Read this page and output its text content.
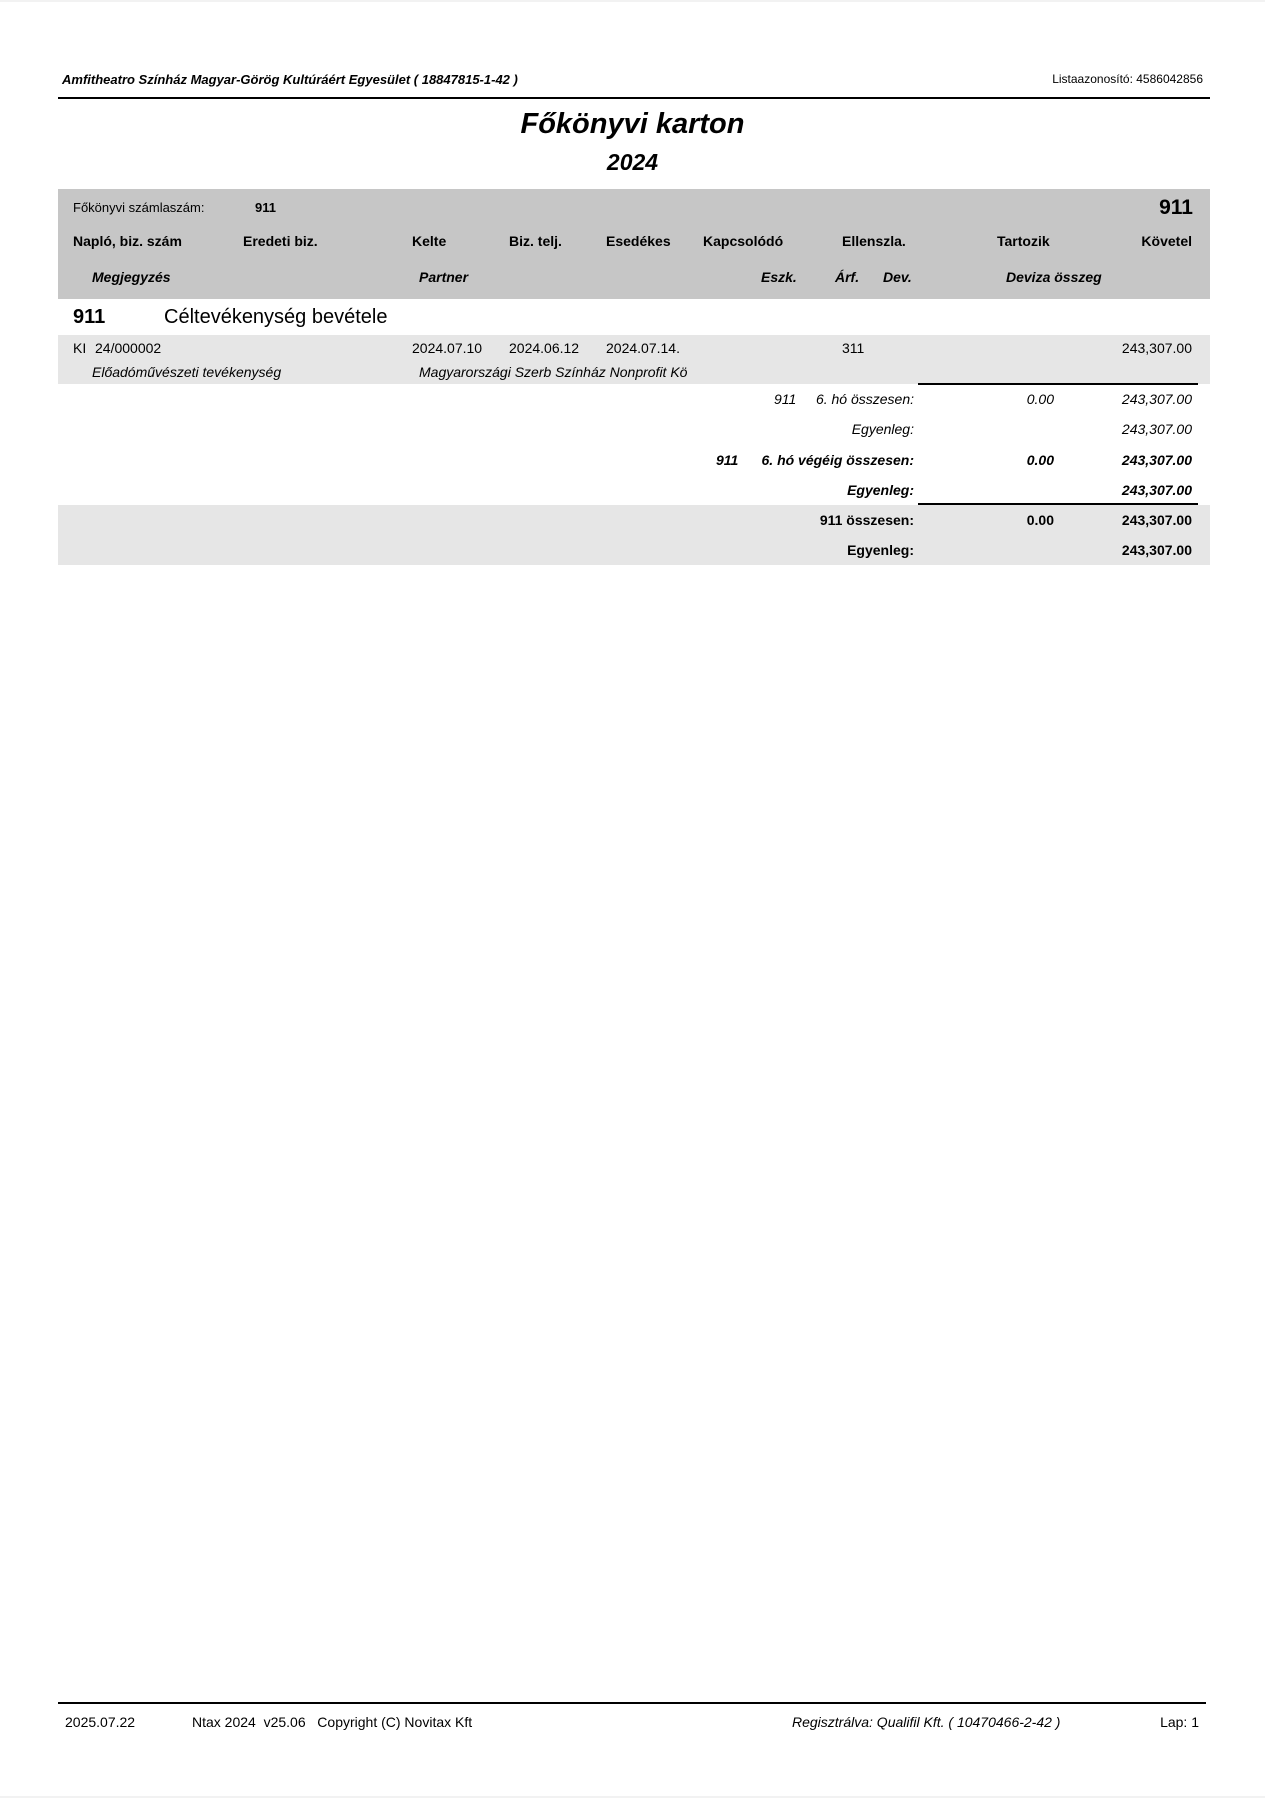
Amfitheatro Színház Magyar-Görög Kultúráért Egyesület ( 18847815-1-42 )	Listaazonosító: 4586042856
Főkönyvi karton
2024
Főkönyvi számlaszám:	911	911
Napló, biz. szám	Eredeti biz.	Kelte	Biz. telj.	Esedékes Kapcsolódó	Ellenszla.	Tartozik	Követel
Megjegyzés	Partner	Eszk.	Árf. Dev.	Deviza összeg
911	Céltevékenység bevétele
KI 24/000002	2024.07.10 2024.06.12 2024.07.14.	311	243,307.00
Előadóművészeti tevékenység	Magyarországi Szerb Színház Nonprofit Kö
911 6. hó összesen:	0.00	243,307.00
Egyenleg:	243,307.00
911 6. hó végéig összesen:	0.00	243,307.00
Egyenleg:	243,307.00
911 összesen:	0.00	243,307.00
Egyenleg:	243,307.00
2025.07.22	Ntax 2024  v25.06   Copyright (C) Novitax Kft	Regisztrálva: Qualifil Kft. ( 10470466-2-42 )	Lap: 1
